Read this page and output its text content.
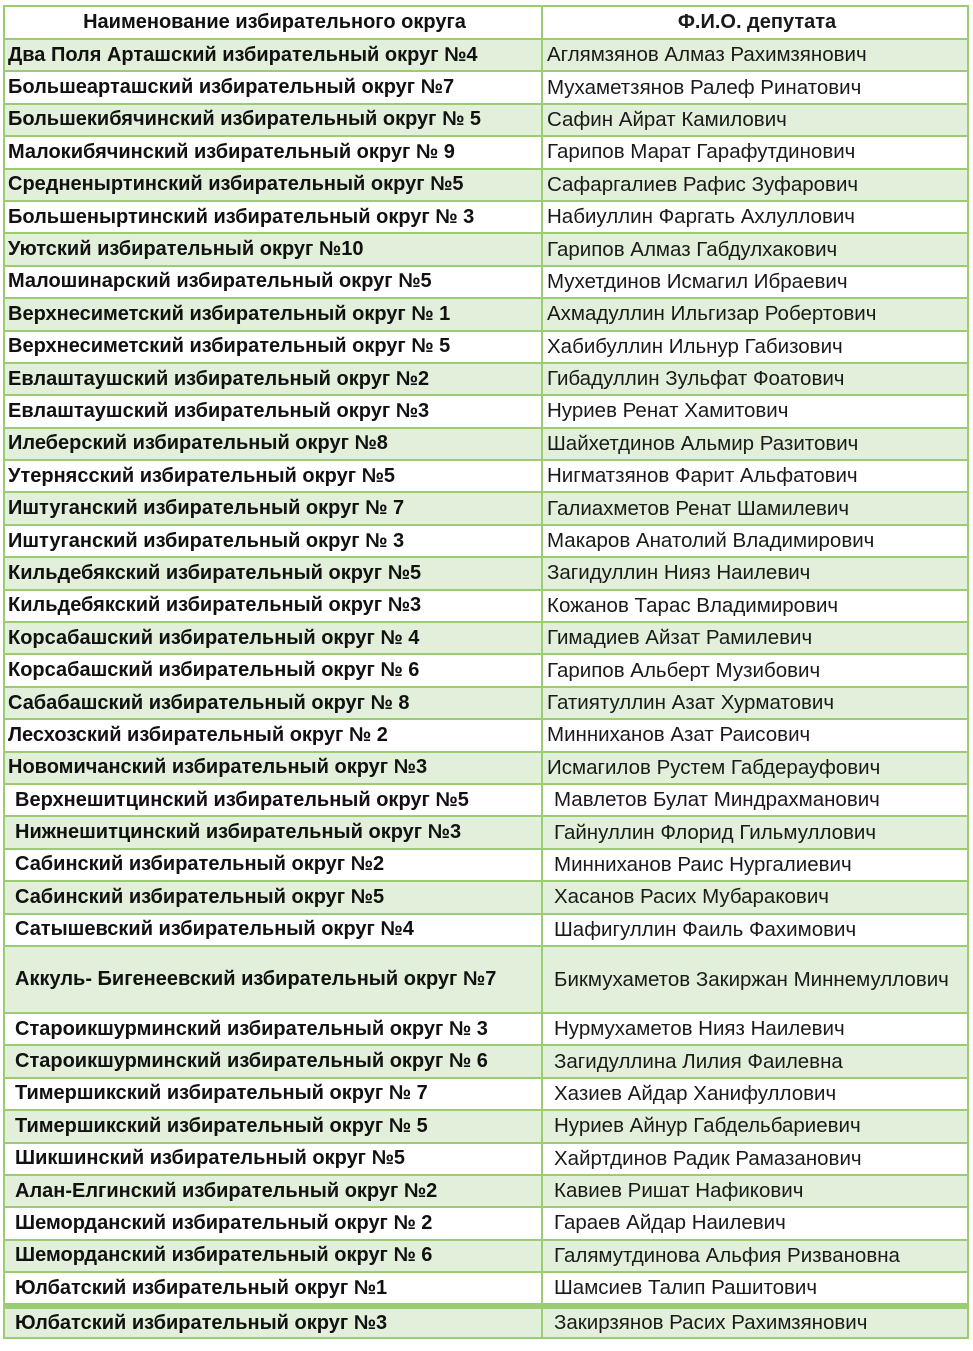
Наименование избирательного округа	Ф.И.О. депутата
Два Поля Арташский избирательный округ №4	Аглямзянов Алмаз Рахимзянович
Большеарташский избирательный округ №7	Мухаметзянов Ралеф Ринатович
Большекибячинский избирательный округ № 5	Сафин Айрат Камилович
Малокибячинский избирательный округ № 9	Гарипов Марат Гарафутдинович
Средненыртинский избирательный округ №5	Сафаргалиев Рафис Зуфарович
Большеныртинский избирательный округ № 3	Набиуллин Фаргать Ахлуллович
Уютский избирательный округ №10	Гарипов Алмаз Габдулхакович
Малошинарский избирательный округ №5	Мухетдинов Исмагил Ибраевич
Верхнесиметский избирательный округ № 1	Ахмадуллин Ильгизар Робертович
Верхнесиметский избирательный округ № 5	Хабибуллин Ильнур Габизович
Евлаштаушский избирательный округ №2	Гибадуллин Зульфат Фоатович
Евлаштаушский избирательный округ №3	Нуриев Ренат Хамитович
Илеберский избирательный округ №8	Шайхетдинов Альмир Разитович
Утернясский избирательный округ №5	Нигматзянов Фарит Альфатович
Иштуганский избирательный округ № 7	Галиахметов Ренат Шамилевич
Иштуганский избирательный округ № 3	Макаров Анатолий Владимирович
Кильдебякский избирательный округ №5	Загидуллин Нияз Наилевич
Кильдебякский избирательный округ №3	Кожанов Тарас Владимирович
Корсабашский избирательный округ № 4	Гимадиев Айзат Рамилевич
Корсабашский избирательный округ № 6	Гарипов Альберт Музибович
Сабабашский избирательный округ № 8	Гатиятуллин Азат Хурматович
Лесхозский избирательный округ № 2	Минниханов Азат Раисович
Новомичанский избирательный округ №3	Исмагилов Рустем Габдерауфович
Верхнешитцинский избирательный округ №5	Мавлетов Булат Миндрахманович
Нижнешитцинский избирательный округ №3	Гайнуллин Флорид Гильмуллович
Сабинский избирательный округ №2	Минниханов Раис Нургалиевич
Сабинский избирательный округ №5	Хасанов Расих Мубаракович
Сатышевский избирательный округ №4	Шафигуллин Фаиль Фахимович
Аккуль- Бигенеевский избирательный округ №7	Бикмухаметов Закиржан Миннемуллович
Староикшурминский избирательный округ № 3	Нурмухаметов Нияз Наилевич
Староикшурминский избирательный округ № 6	Загидуллина Лилия Фаилевна
Тимершикский избирательный округ № 7	Хазиев Айдар Ханифуллович
Тимершикский избирательный округ № 5	Нуриев Айнур Габдельбариевич
Шикшинский избирательный округ №5	Хайртдинов Радик Рамазанович
Алан-Елгинский избирательный округ №2	Кавиев Ришат Нафикович
Шеморданский избирательный округ № 2	Гараев Айдар Наилевич
Шеморданский избирательный округ № 6	Галямутдинова Альфия Ризвановна
Юлбатский избирательный округ №1	Шамсиев Талип Рашитович
Юлбатский избирательный округ №3	Закирзянов Расих Рахимзянович
